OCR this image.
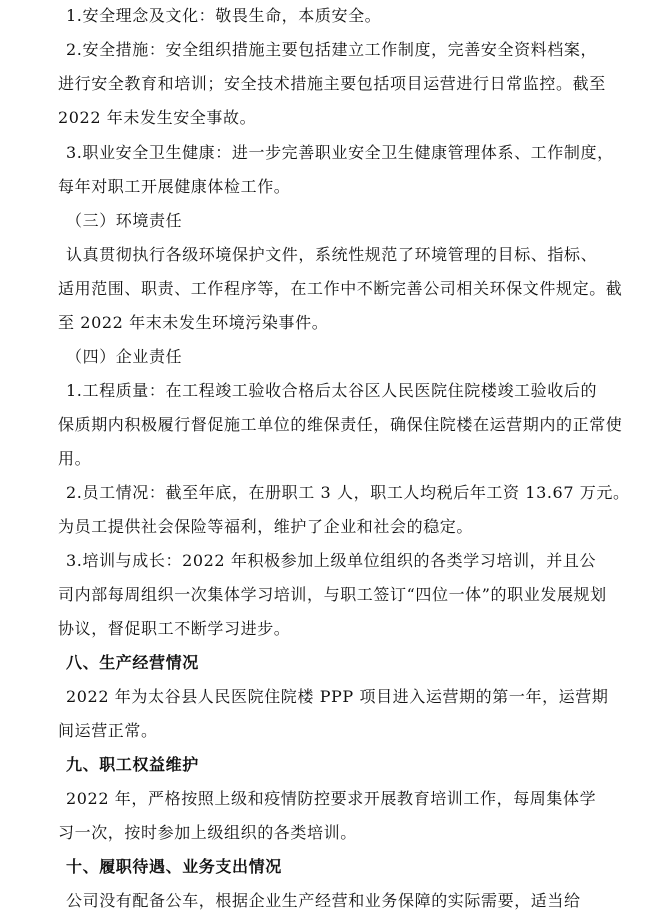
1.安全理念及文化：敬畏生命，本质安全。
2.安全措施：安全组织措施主要包括建立工作制度，完善安全资料档案，
进行安全教育和培训；安全技术措施主要包括项目运营进行日常监控。截至
2022 年未发生安全事故。
3.职业安全卫生健康：进一步完善职业安全卫生健康管理体系、工作制度，
每年对职工开展健康体检工作。
（三）环境责任
认真贯彻执行各级环境保护文件，系统性规范了环境管理的目标、指标、
适用范围、职责、工作程序等，在工作中不断完善公司相关环保文件规定。截
至 2022 年末未发生环境污染事件。
（四）企业责任
1.工程质量：在工程竣工验收合格后太谷区人民医院住院楼竣工验收后的
保质期内积极履行督促施工单位的维保责任，确保住院楼在运营期内的正常使
用。
2.员工情况：截至年底，在册职工 3 人，职工人均税后年工资 13.67 万元。
为员工提供社会保险等福利，维护了企业和社会的稳定。
3.培训与成长：2022 年积极参加上级单位组织的各类学习培训，并且公
司内部每周组织一次集体学习培训，与职工签订“四位一体”的职业发展规划
协议，督促职工不断学习进步。
八、生产经营情况
2022 年为太谷县人民医院住院楼 PPP 项目进入运营期的第一年，运营期
间运营正常。
九、职工权益维护
2022 年，严格按照上级和疫情防控要求开展教育培训工作，每周集体学
习一次，按时参加上级组织的各类培训。
十、履职待遇、业务支出情况
公司没有配备公车，根据企业生产经营和业务保障的实际需要，适当给
